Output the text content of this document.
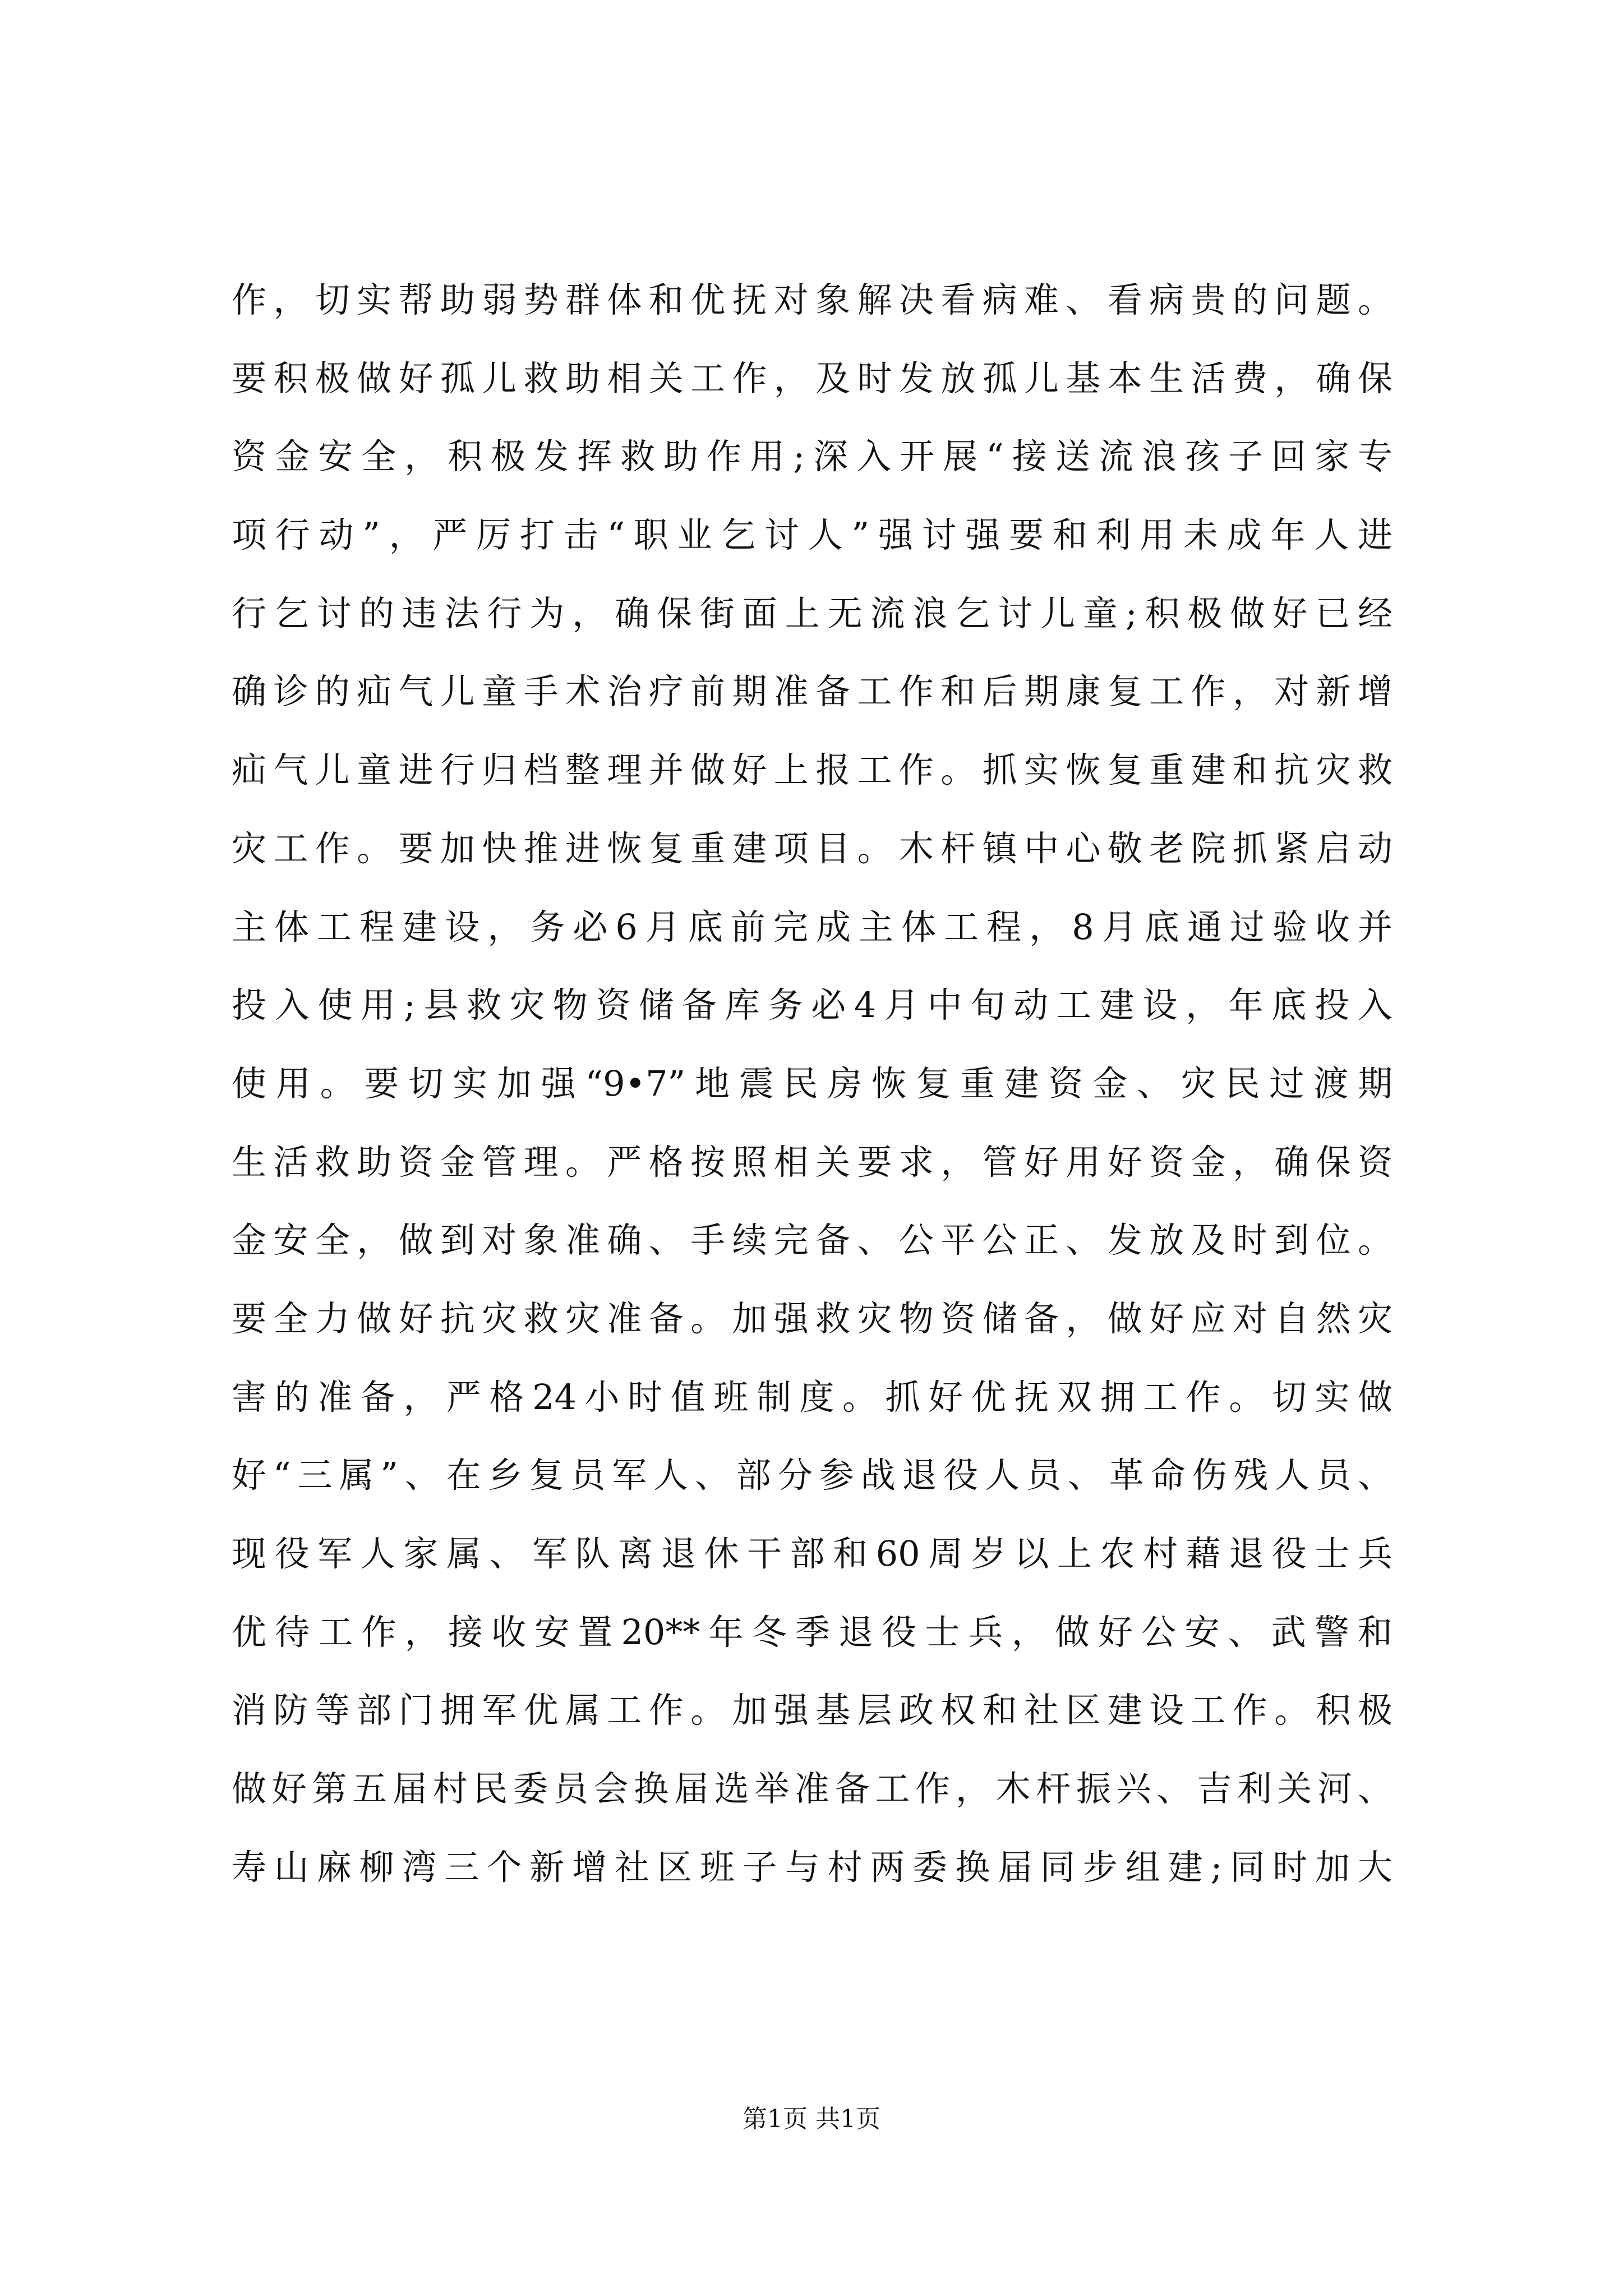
作，切实帮助弱势群体和优抚对象解决看病难、看病贵的问题。
要积极做好孤儿救助相关工作，及时发放孤儿基本生活费，确保
资金安全，积极发挥救助作用;深入开展“接送流浪孩子回家专
项行动”，严厉打击“职业乞讨人”强讨强要和利用未成年人进
行乞讨的违法行为，确保街面上无流浪乞讨儿童;积极做好已经
确诊的疝气儿童手术治疗前期准备工作和后期康复工作，对新增
疝气儿童进行归档整理并做好上报工作。抓实恢复重建和抗灾救
灾工作。要加快推进恢复重建项目。木杆镇中心敬老院抓紧启动
主体工程建设，务必6月底前完成主体工程，8月底通过验收并
投入使用;县救灾物资储备库务必4月中旬动工建设，年底投入
使用。要切实加强“9•7”地震民房恢复重建资金、灾民过渡期
生活救助资金管理。严格按照相关要求，管好用好资金，确保资
金安全，做到对象准确、手续完备、公平公正、发放及时到位。
要全力做好抗灾救灾准备。加强救灾物资储备，做好应对自然灾
害的准备，严格24小时值班制度。抓好优抚双拥工作。切实做
好“三属”、在乡复员军人、部分参战退役人员、革命伤残人员、
现役军人家属、军队离退休干部和60周岁以上农村藉退役士兵
优待工作，接收安置20**年冬季退役士兵，做好公安、武警和
消防等部门拥军优属工作。加强基层政权和社区建设工作。积极
做好第五届村民委员会换届选举准备工作，木杆振兴、吉利关河、
寿山麻柳湾三个新增社区班子与村两委换届同步组建;同时加大
第1页 共1页
